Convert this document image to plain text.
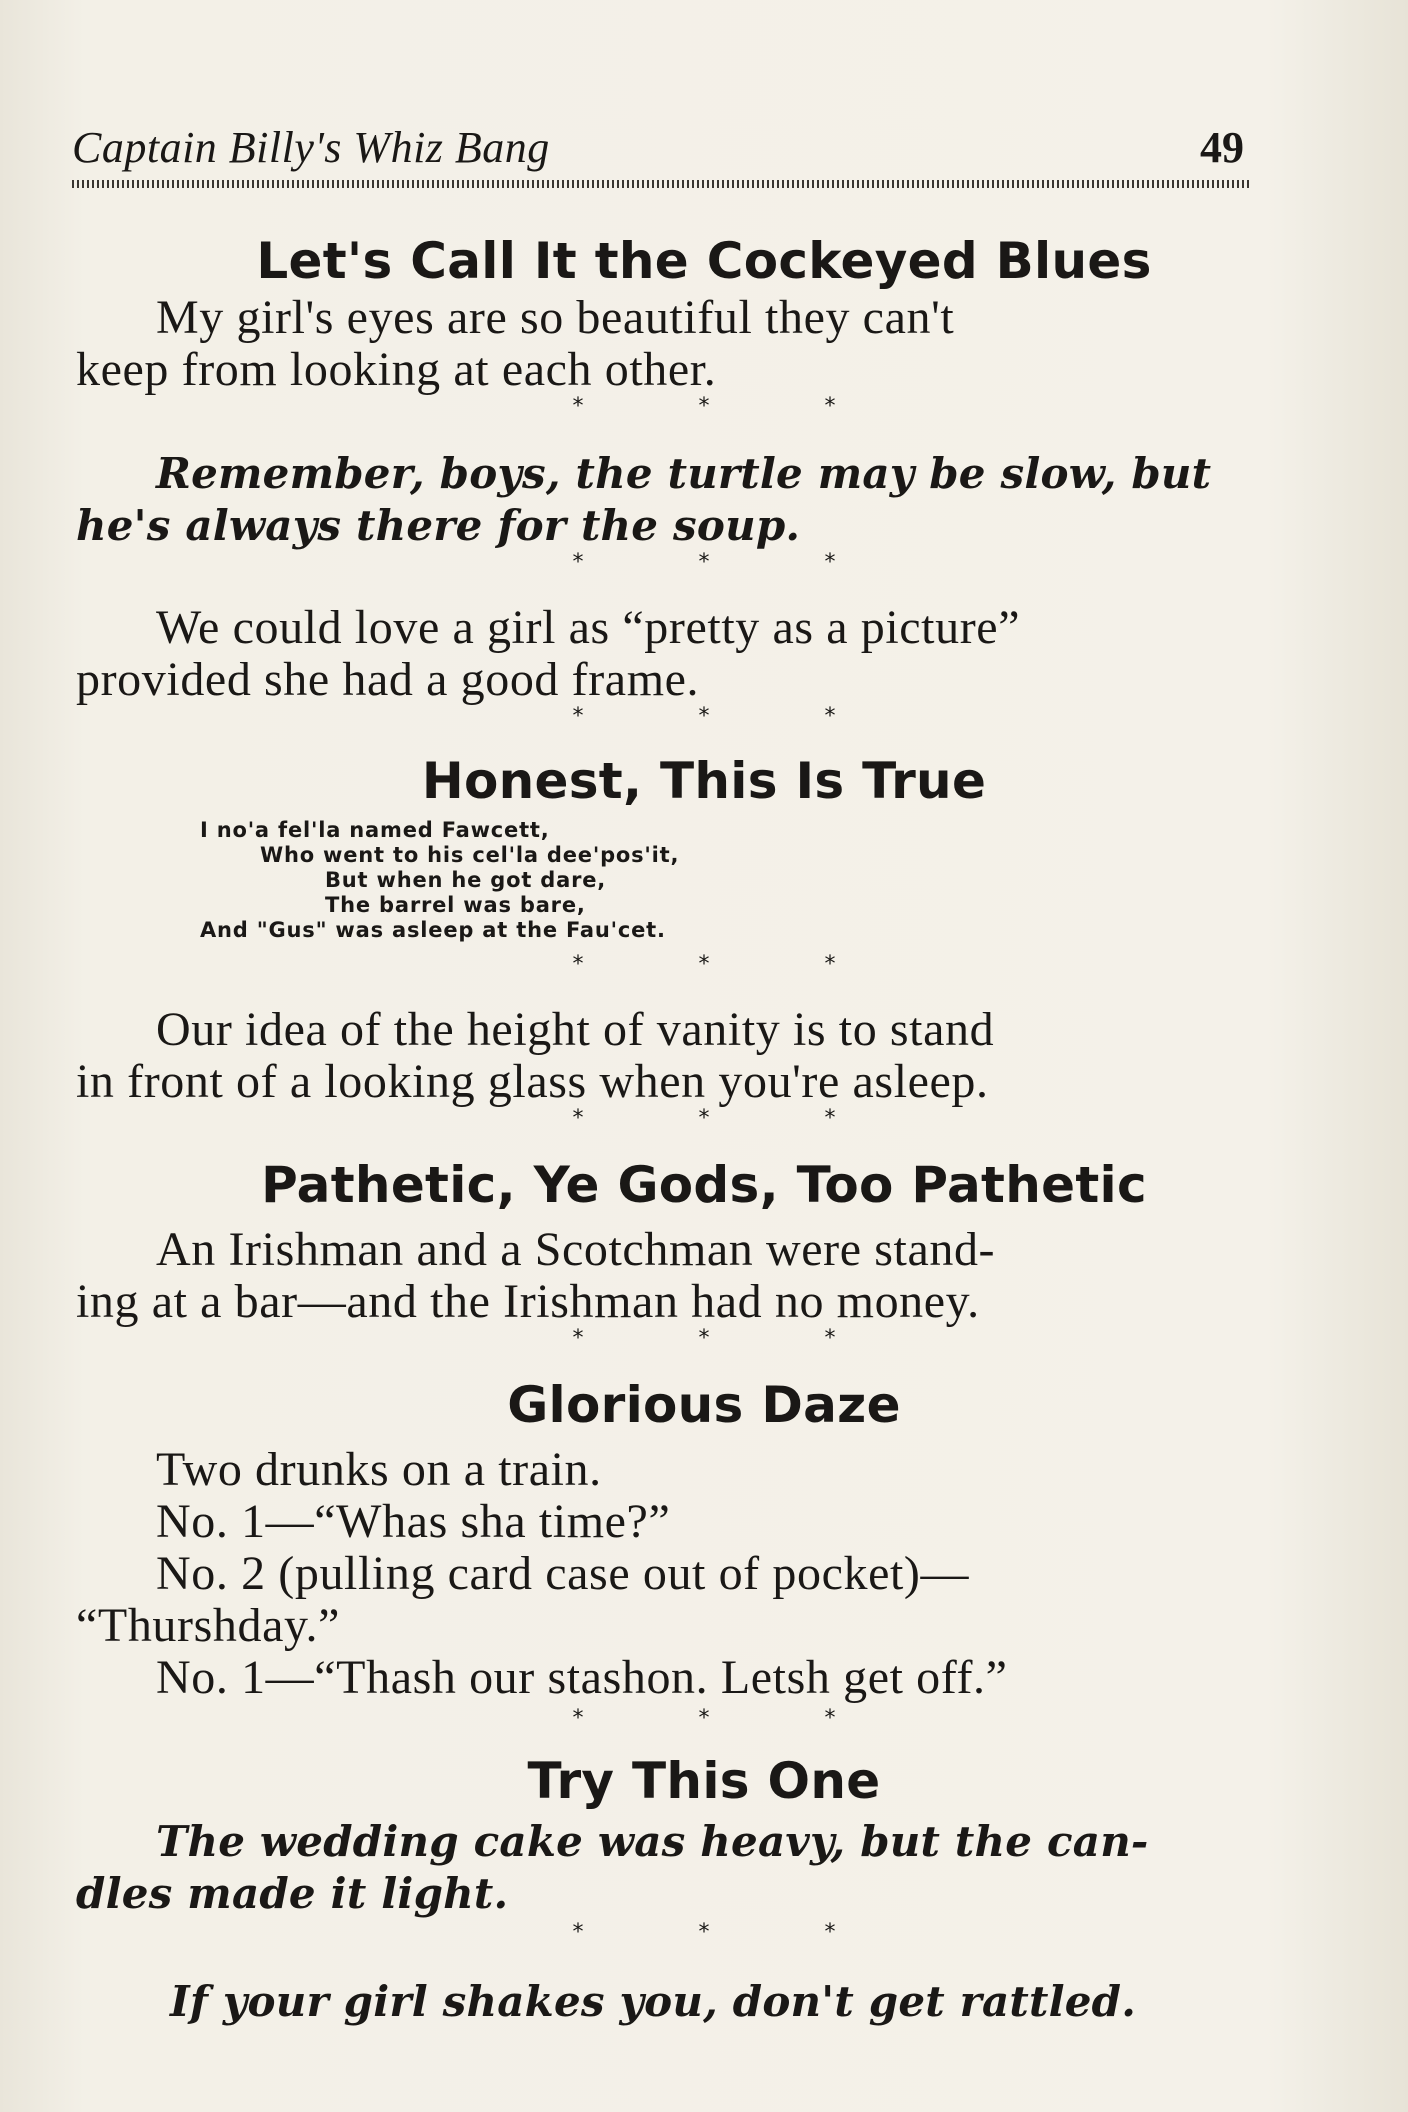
Captain Billy's Whiz Bang	49
Let's Call It the Cockeyed Blues
My girl's eyes are so beautiful they can't
keep from looking at each other.
* * *
Remember, boys, the turtle may be slow, but
he's always there for the soup.
* * *
We could love a girl as “pretty as a picture”
provided she had a good frame.
* * *
Honest, This Is True
I no'a fel'la named Fawcett,
Who went to his cel'la dee'pos'it,
But when he got dare,
The barrel was bare,
And "Gus" was asleep at the Fau'cet.
* * *
Our idea of the height of vanity is to stand
in front of a looking glass when you're asleep.
* * *
Pathetic, Ye Gods, Too Pathetic
An Irishman and a Scotchman were stand-
ing at a bar—and the Irishman had no money.
* * *
Glorious Daze
Two drunks on a train.
No. 1—“Whas sha time?”
No. 2 (pulling card case out of pocket)—
“Thurshday.”
No. 1—“Thash our stashon. Letsh get off.”
* * *
Try This One
The wedding cake was heavy, but the can-
dles made it light.
* * *
If your girl shakes you, don't get rattled.
